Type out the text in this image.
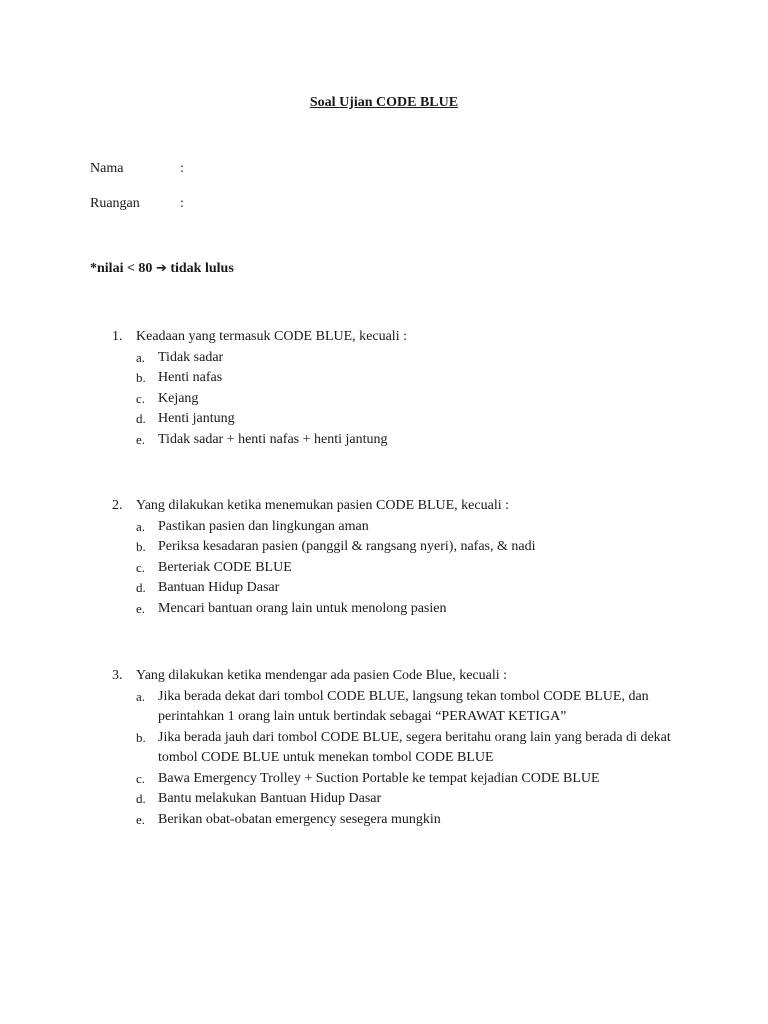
Soal Ujian CODE BLUE
Nama	:
Ruangan	:
*nilai < 80 ➔ tidak lulus
1. Keadaan yang termasuk CODE BLUE, kecuali :
a. Tidak sadar
b. Henti nafas
c. Kejang
d. Henti jantung
e. Tidak sadar + henti nafas + henti jantung
2. Yang dilakukan ketika menemukan pasien CODE BLUE, kecuali :
a. Pastikan pasien dan lingkungan aman
b. Periksa kesadaran pasien (panggil & rangsang nyeri), nafas, & nadi
c. Berteriak CODE BLUE
d. Bantuan Hidup Dasar
e. Mencari bantuan orang lain untuk menolong pasien
3. Yang dilakukan ketika mendengar ada pasien Code Blue, kecuali :
a. Jika berada dekat dari tombol CODE BLUE, langsung tekan tombol CODE BLUE, dan perintahkan 1 orang lain untuk bertindak sebagai “PERAWAT KETIGA”
b. Jika berada jauh dari tombol CODE BLUE, segera beritahu orang lain yang berada di dekat tombol CODE BLUE untuk menekan tombol CODE BLUE
c. Bawa Emergency Trolley + Suction Portable ke tempat kejadian CODE BLUE
d. Bantu melakukan Bantuan Hidup Dasar
e. Berikan obat-obatan emergency sesegera mungkin
